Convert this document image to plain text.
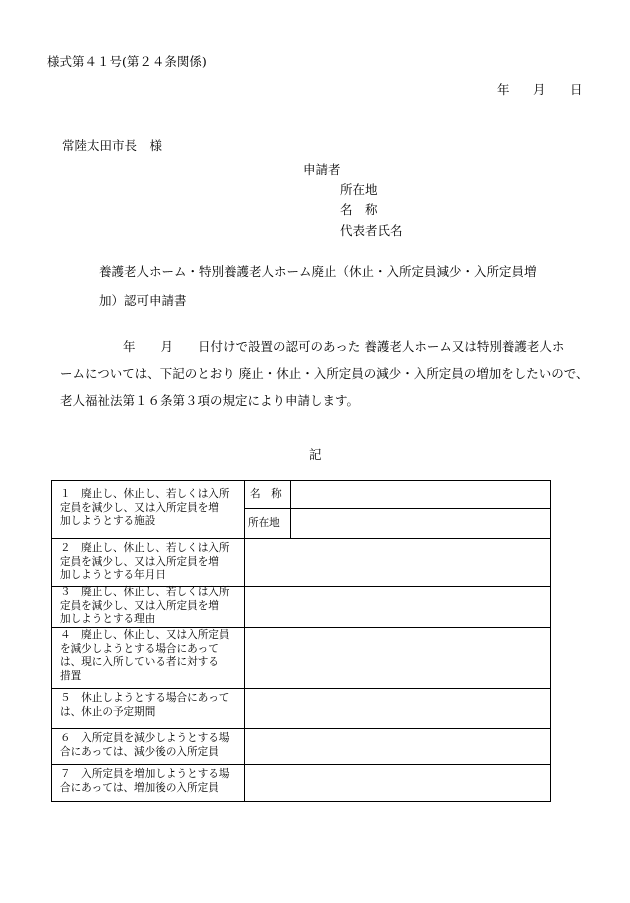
様式第４１号(第２４条関係)
年 月 日
常陸太田市長　様
申請者
所在地
名　称
代表者氏名
養護老人ホーム・特別養護老人ホーム廃止（休止・入所定員減少・入所定員増
加）認可申請書
年　　月　　日付けで設置の認可のあった 養護老人ホーム又は特別養護老人ホ
ームについては、下記のとおり 廃止・休止・入所定員の減少・入所定員の増加をしたいので、
老人福祉法第１６条第３項の規定により申請します。
記
１　廃止し、休止し、若しくは入所
定員を減少し、又は入所定員を増
加しようとする施設
名　称
所在地
２　廃止し、休止し、若しくは入所
定員を減少し、又は入所定員を増
加しようとする年月日
３　廃止し、休止し、若しくは入所
定員を減少し、又は入所定員を増
加しようとする理由
４　廃止し、休止し、又は入所定員
を減少しようとする場合にあって
は、現に入所している者に対する
措置
５　休止しようとする場合にあって
は、休止の予定期間
６　入所定員を減少しようとする場
合にあっては、減少後の入所定員
７　入所定員を増加しようとする場
合にあっては、増加後の入所定員
